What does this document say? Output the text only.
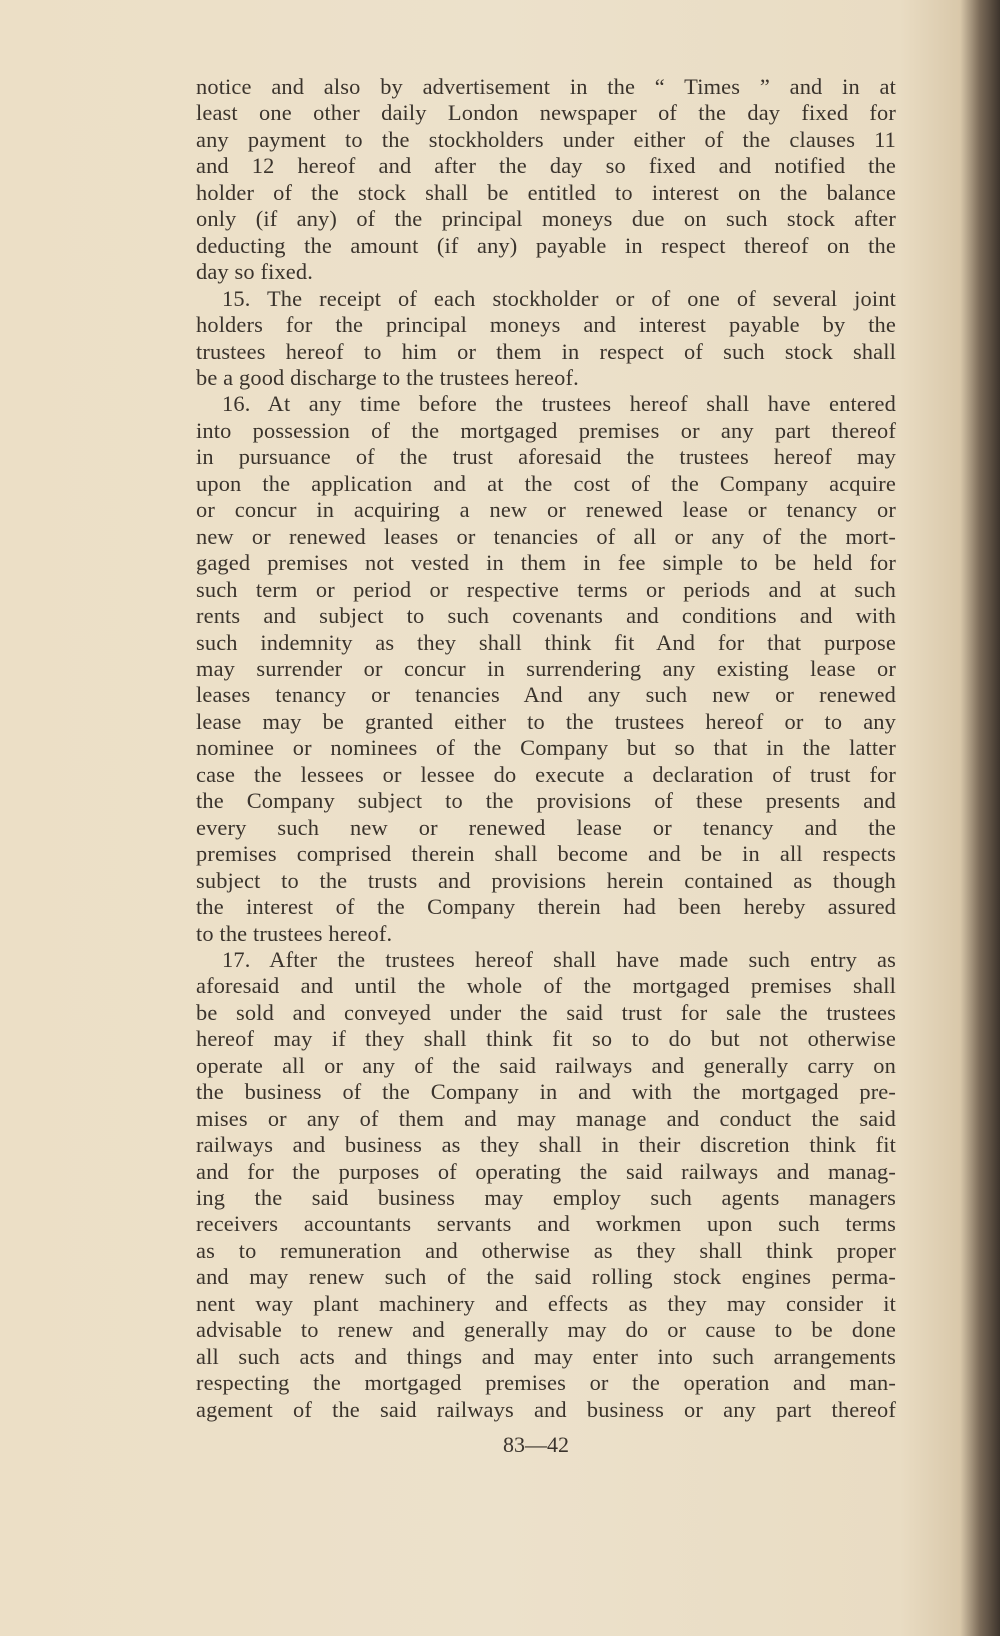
notice and also by advertisement in the “ Times ” and in at
least one other daily London newspaper of the day fixed for
any payment to the stockholders under either of the clauses 11
and 12 hereof and after the day so fixed and notified the
holder of the stock shall be entitled to interest on the balance
only (if any) of the principal moneys due on such stock after
deducting the amount (if any) payable in respect thereof on the
day so fixed.
15. The receipt of each stockholder or of one of several joint
holders for the principal moneys and interest payable by the
trustees hereof to him or them in respect of such stock shall
be a good discharge to the trustees hereof.
16. At any time before the trustees hereof shall have entered
into possession of the mortgaged premises or any part thereof
in pursuance of the trust aforesaid the trustees hereof may
upon the application and at the cost of the Company acquire
or concur in acquiring a new or renewed lease or tenancy or
new or renewed leases or tenancies of all or any of the mort-
gaged premises not vested in them in fee simple to be held for
such term or period or respective terms or periods and at such
rents and subject to such covenants and conditions and with
such indemnity as they shall think fit And for that purpose
may surrender or concur in surrendering any existing lease or
leases tenancy or tenancies And any such new or renewed
lease may be granted either to the trustees hereof or to any
nominee or nominees of the Company but so that in the latter
case the lessees or lessee do execute a declaration of trust for
the Company subject to the provisions of these presents and
every such new or renewed lease or tenancy and the
premises comprised therein shall become and be in all respects
subject to the trusts and provisions herein contained as though
the interest of the Company therein had been hereby assured
to the trustees hereof.
17. After the trustees hereof shall have made such entry as
aforesaid and until the whole of the mortgaged premises shall
be sold and conveyed under the said trust for sale the trustees
hereof may if they shall think fit so to do but not otherwise
operate all or any of the said railways and generally carry on
the business of the Company in and with the mortgaged pre-
mises or any of them and may manage and conduct the said
railways and business as they shall in their discretion think fit
and for the purposes of operating the said railways and manag-
ing the said business may employ such agents managers
receivers accountants servants and workmen upon such terms
as to remuneration and otherwise as they shall think proper
and may renew such of the said rolling stock engines perma-
nent way plant machinery and effects as they may consider it
advisable to renew and generally may do or cause to be done
all such acts and things and may enter into such arrangements
respecting the mortgaged premises or the operation and man-
agement of the said railways and business or any part thereof
83—42
